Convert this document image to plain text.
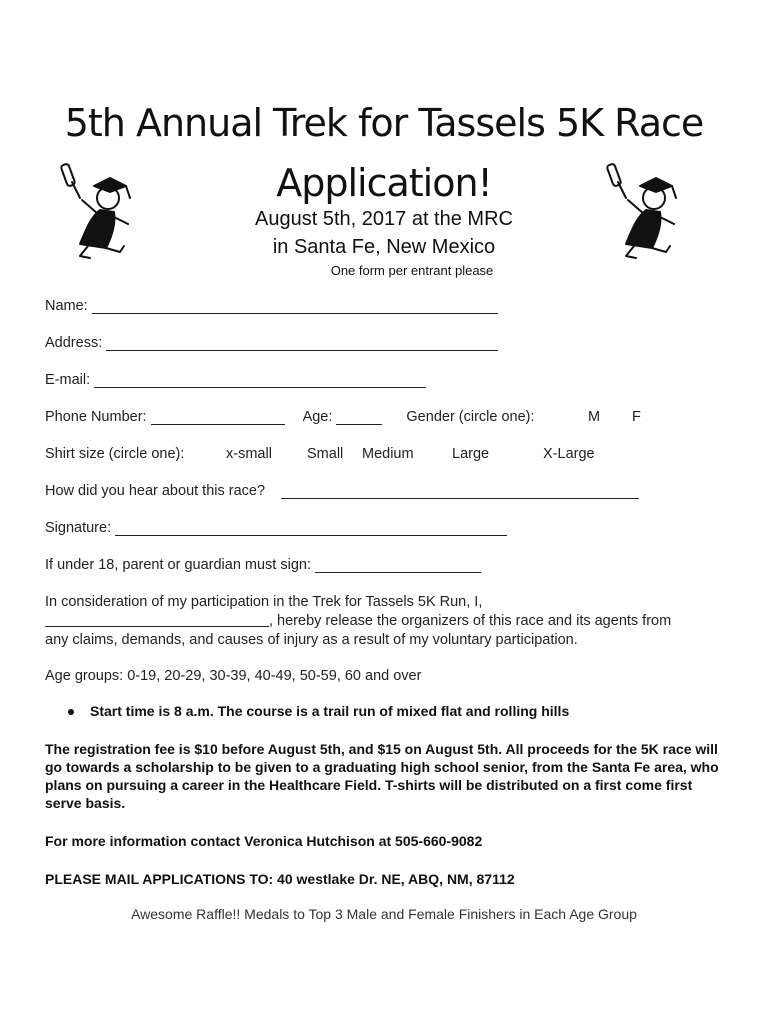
5th Annual Trek for Tassels 5K Race
Application!
August 5th, 2017 at the MRC
in Santa Fe, New Mexico
One form per entrant please
Name:
Address:
E-mail:
Phone Number:	Age:	Gender (circle one):	M F
Shirt size (circle one):	x-small Small Medium	Large	X-Large
How did you hear about this race?
Signature:
If under 18, parent or guardian must sign:
In consideration of my participation in the Trek for Tassels 5K Run, I,
, hereby release the organizers of this race and its agents from
any claims, demands, and causes of injury as a result of my voluntary participation.
Age groups: 0-19, 20-29, 30-39, 40-49, 50-59, 60 and over
Start time is 8 a.m. The course is a trail run of mixed flat and rolling hills
The registration fee is $10 before August 5th, and $15 on August 5th. All proceeds for the 5K race will go towards a scholarship to be given to a graduating high school senior, from the Santa Fe area, who plans on pursuing a career in the Healthcare Field. T-shirts will be distributed on a first come first serve basis.
For more information contact Veronica Hutchison at 505-660-9082
PLEASE MAIL APPLICATIONS TO: 40 westlake Dr. NE, ABQ, NM, 87112
Awesome Raffle!! Medals to Top 3 Male and Female Finishers in Each Age Group
